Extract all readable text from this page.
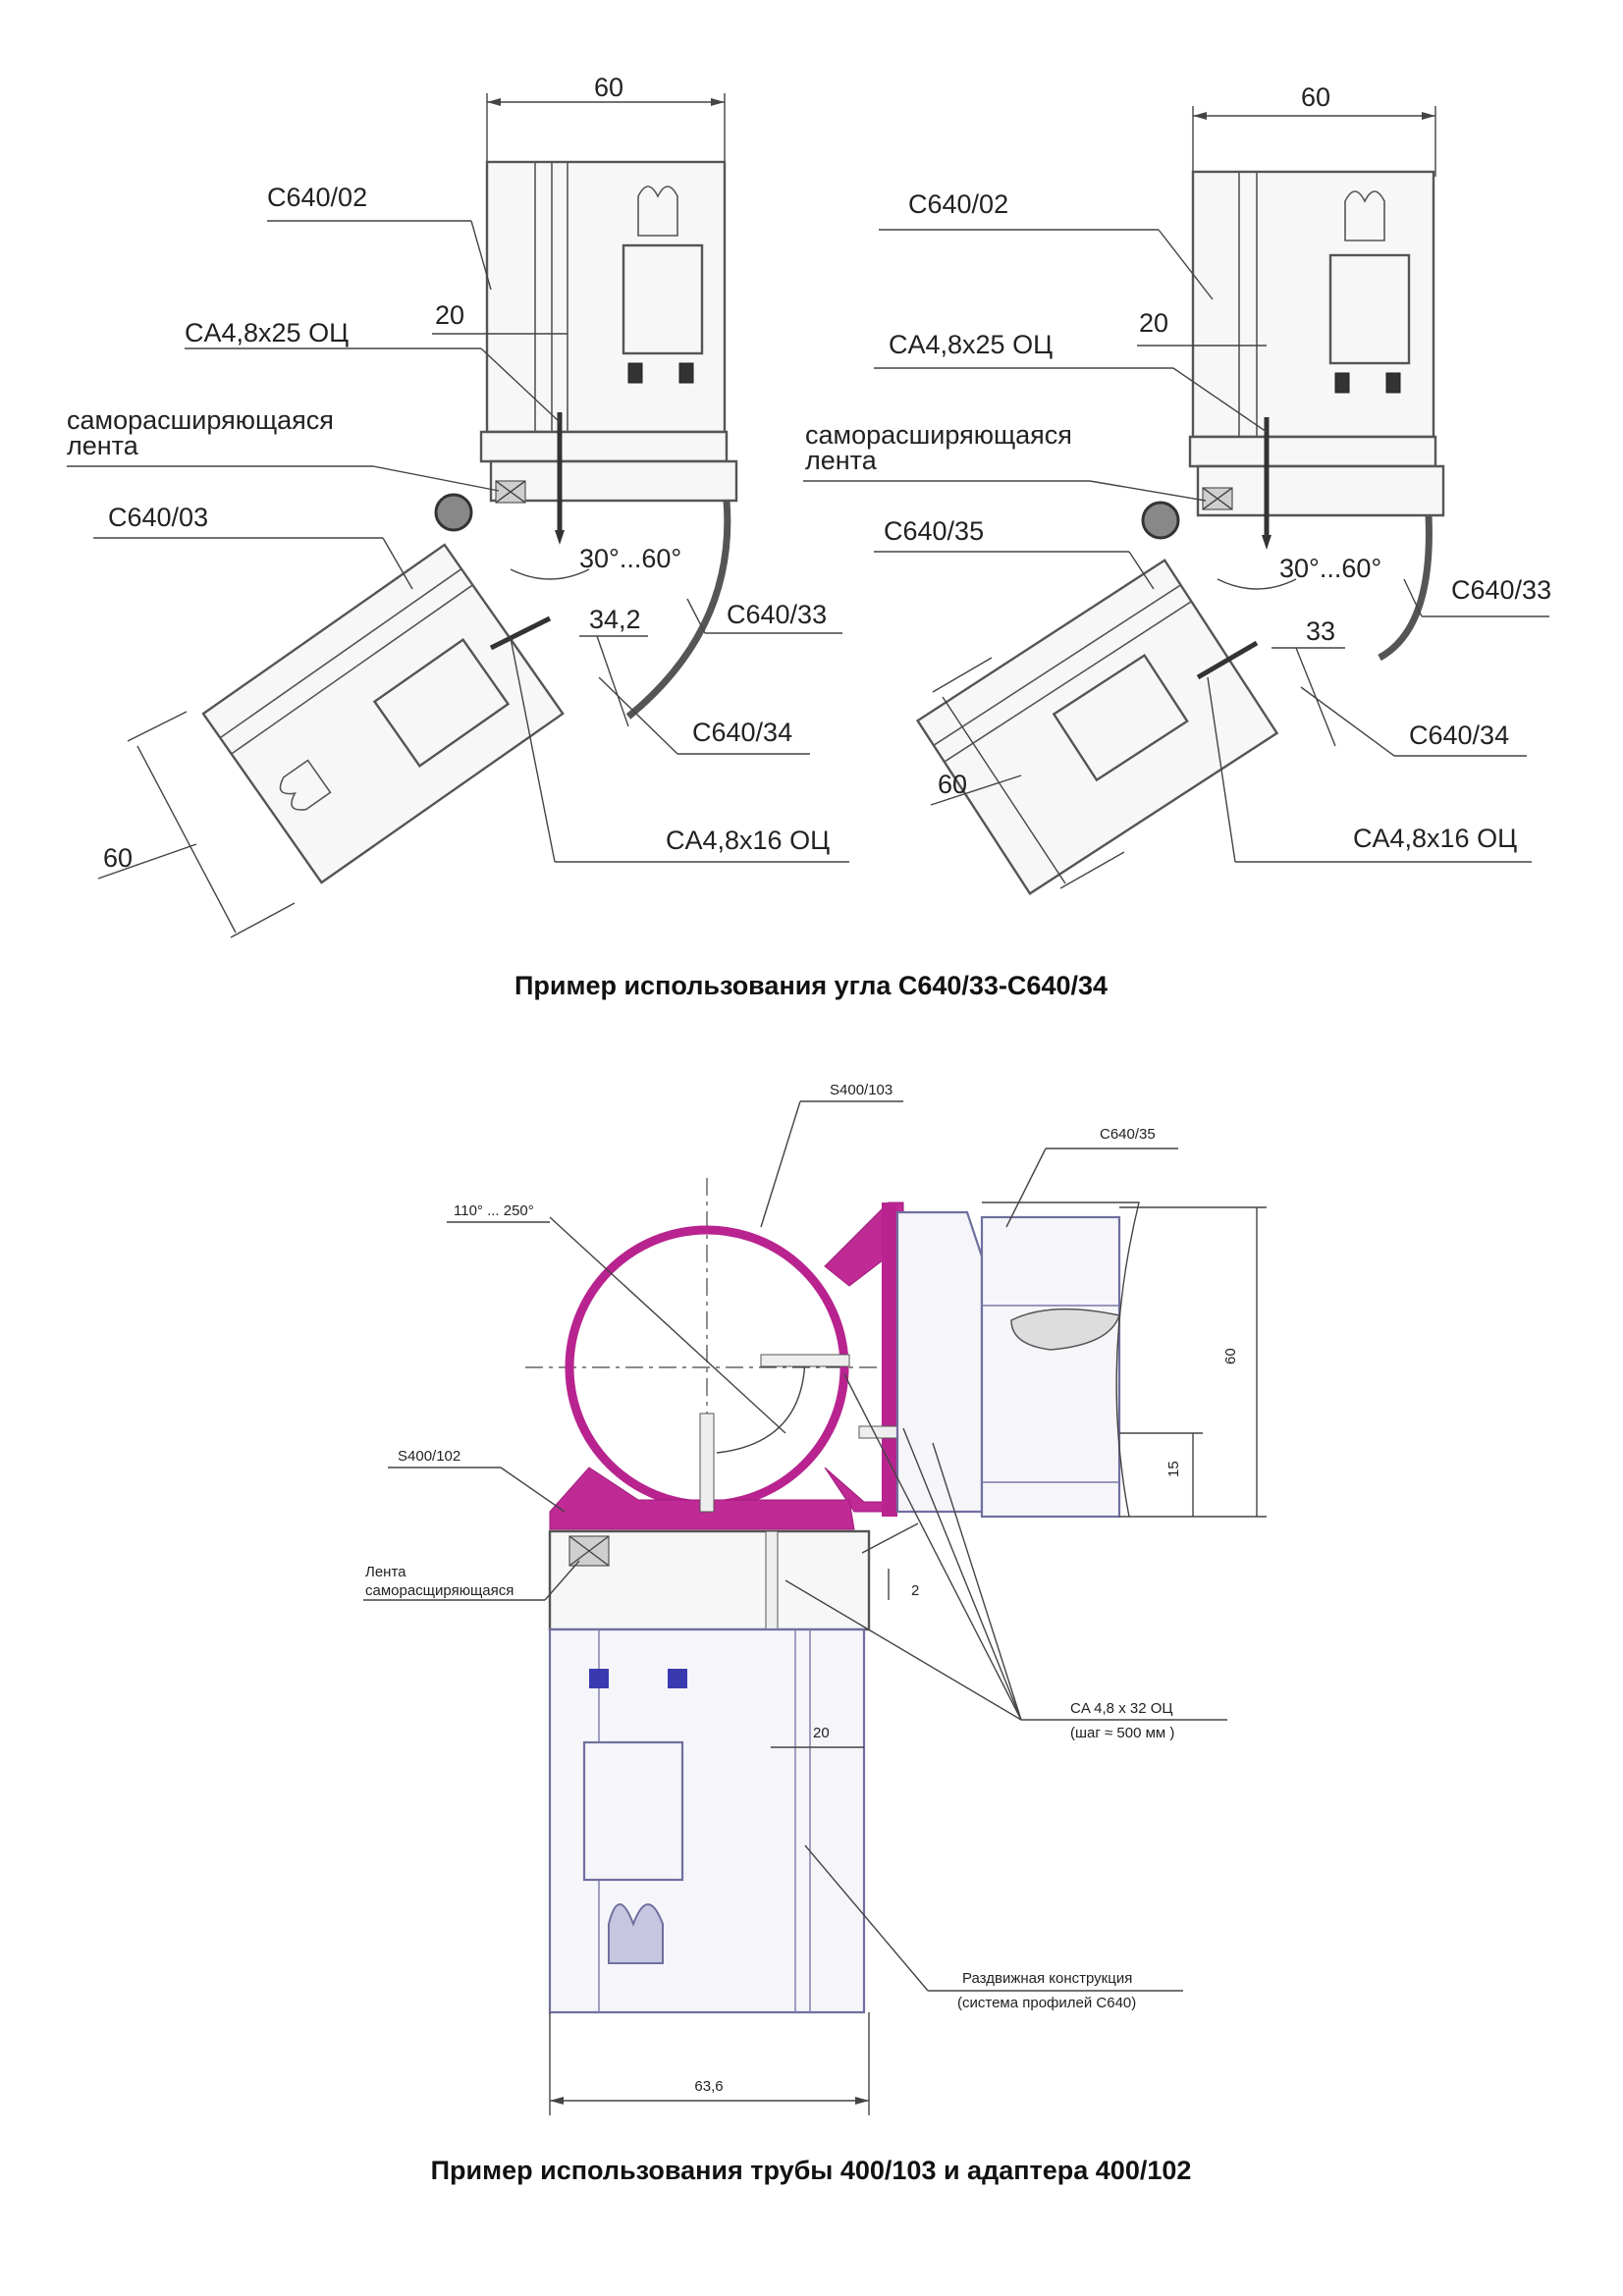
60
60
20
30°...60°
34,2
C640/02
CA4,8x25 ОЦ
саморасширяющаяся
лента
C640/03
C640/33
C640/34
CA4,8x16 ОЦ
60
60
20
30°...60°
33
C640/02
CA4,8x25 ОЦ
саморасширяющаяся
лента
C640/35
C640/33
C640/34
CA4,8x16 ОЦ
Пример использования угла С640/33-С640/34
60
15
20
63,6
2
S400/103
C640/35
110° ... 250°
S400/102
Лента
саморасщиряющаяся
CA 4,8 x 32 ОЦ
(шаг ≈ 500 мм )
Раздвижная конструкция
(система профилей С640)
Пример использования трубы 400/103 и адаптера 400/102
